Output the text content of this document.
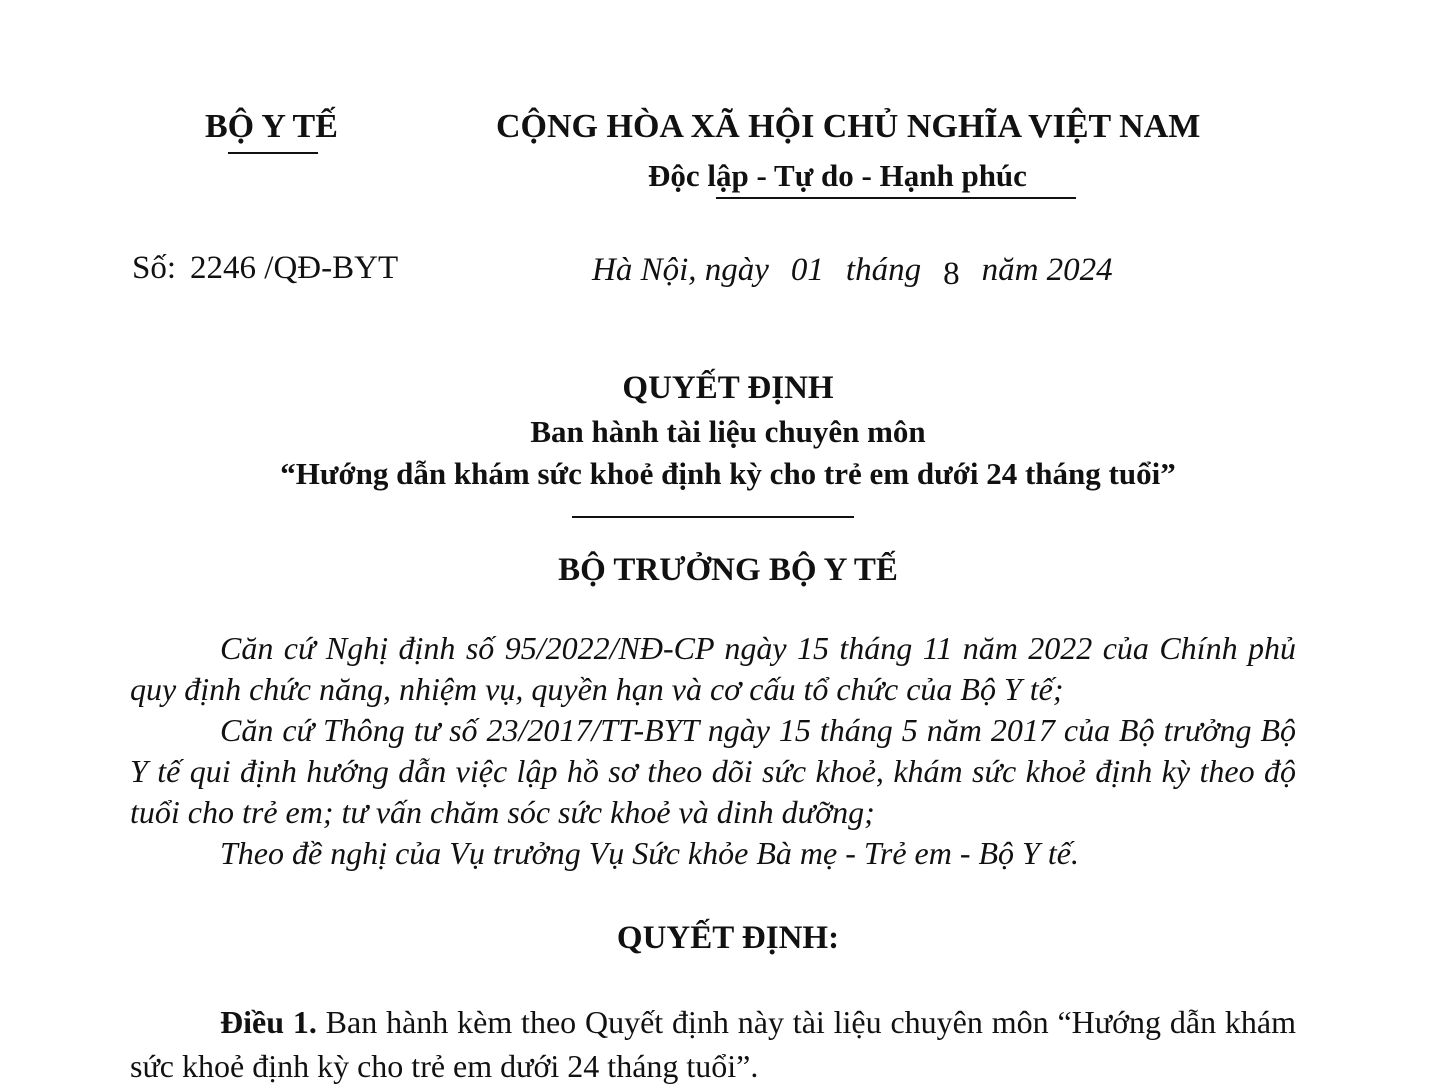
BỘ Y TẾ	CỘNG HÒA XÃ HỘI CHỦ NGHĨA VIỆT NAM
Độc lập - Tự do - Hạnh phúc
Số: 2246 /QĐ-BYT	Hà Nội, ngày 01 tháng 8 năm 2024
QUYẾT ĐỊNH
Ban hành tài liệu chuyên môn
“Hướng dẫn khám sức khoẻ định kỳ cho trẻ em dưới 24 tháng tuổi”
BỘ TRƯỞNG BỘ Y TẾ

Căn cứ Nghị định số 95/2022/NĐ-CP ngày 15 tháng 11 năm 2022 của Chính phủ quy định chức năng, nhiệm vụ, quyền hạn và cơ cấu tổ chức của Bộ Y tế;

Căn cứ Thông tư số 23/2017/TT-BYT ngày 15 tháng 5 năm 2017 của Bộ trưởng Bộ Y tế qui định hướng dẫn việc lập hồ sơ theo dõi sức khoẻ, khám sức khoẻ định kỳ theo độ tuổi cho trẻ em; tư vấn chăm sóc sức khoẻ và dinh dưỡng;

Theo đề nghị của Vụ trưởng Vụ Sức khỏe Bà mẹ - Trẻ em - Bộ Y tế.

QUYẾT ĐỊNH:

Điều 1. Ban hành kèm theo Quyết định này tài liệu chuyên môn “Hướng dẫn khám sức khoẻ định kỳ cho trẻ em dưới 24 tháng tuổi”.
